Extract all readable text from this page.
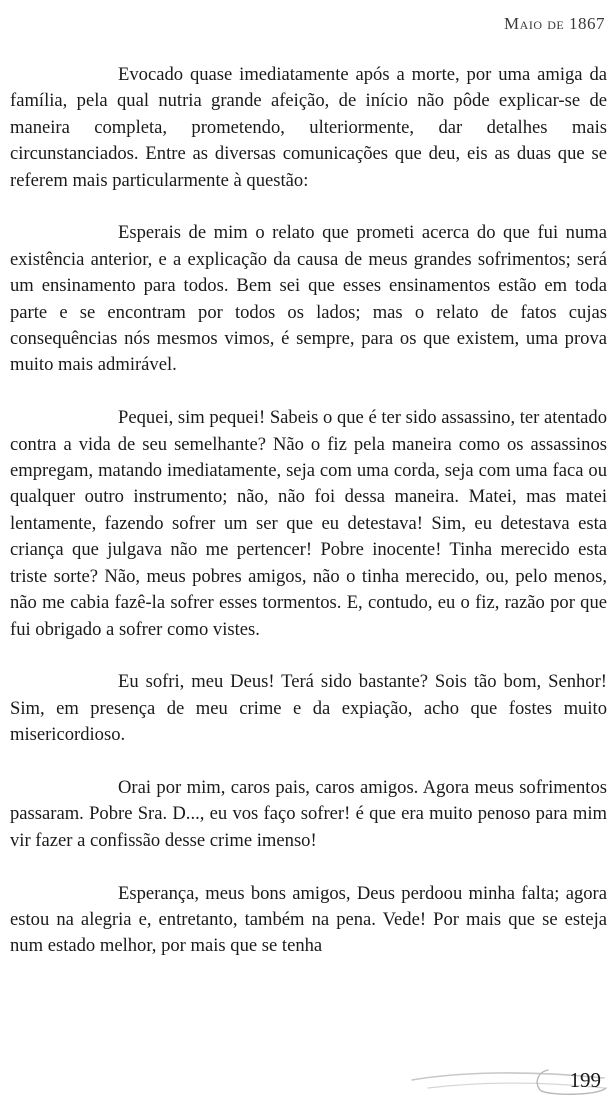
Maio de 1867

Evocado quase imediatamente após a morte, por uma amiga da família, pela qual nutria grande afeição, de início não pôde explicar-se de maneira completa, prometendo, ulteriormente, dar detalhes mais circunstanciados. Entre as diversas comunicações que deu, eis as duas que se referem mais particularmente à questão:

Esperais de mim o relato que prometi acerca do que fui numa existência anterior, e a explicação da causa de meus grandes sofrimentos; será um ensinamento para todos. Bem sei que esses ensinamentos estão em toda parte e se encontram por todos os lados; mas o relato de fatos cujas consequências nós mesmos vimos, é sempre, para os que existem, uma prova muito mais admirável.

Pequei, sim pequei! Sabeis o que é ter sido assassino, ter atentado contra a vida de seu semelhante? Não o fiz pela maneira como os assassinos empregam, matando imediatamente, seja com uma corda, seja com uma faca ou qualquer outro instrumento; não, não foi dessa maneira. Matei, mas matei lentamente, fazendo sofrer um ser que eu detestava! Sim, eu detestava esta criança que julgava não me pertencer! Pobre inocente! Tinha merecido esta triste sorte? Não, meus pobres amigos, não o tinha merecido, ou, pelo menos, não me cabia fazê-la sofrer esses tormentos. E, contudo, eu o fiz, razão por que fui obrigado a sofrer como vistes.

Eu sofri, meu Deus! Terá sido bastante? Sois tão bom, Senhor! Sim, em presença de meu crime e da expiação, acho que fostes muito misericordioso.

Orai por mim, caros pais, caros amigos. Agora meus sofrimentos passaram. Pobre Sra. D..., eu vos faço sofrer! é que era muito penoso para mim vir fazer a confissão desse crime imenso!

Esperança, meus bons amigos, Deus perdoou minha falta; agora estou na alegria e, entretanto, também na pena. Vede! Por mais que se esteja num estado melhor, por mais que se tenha

199
